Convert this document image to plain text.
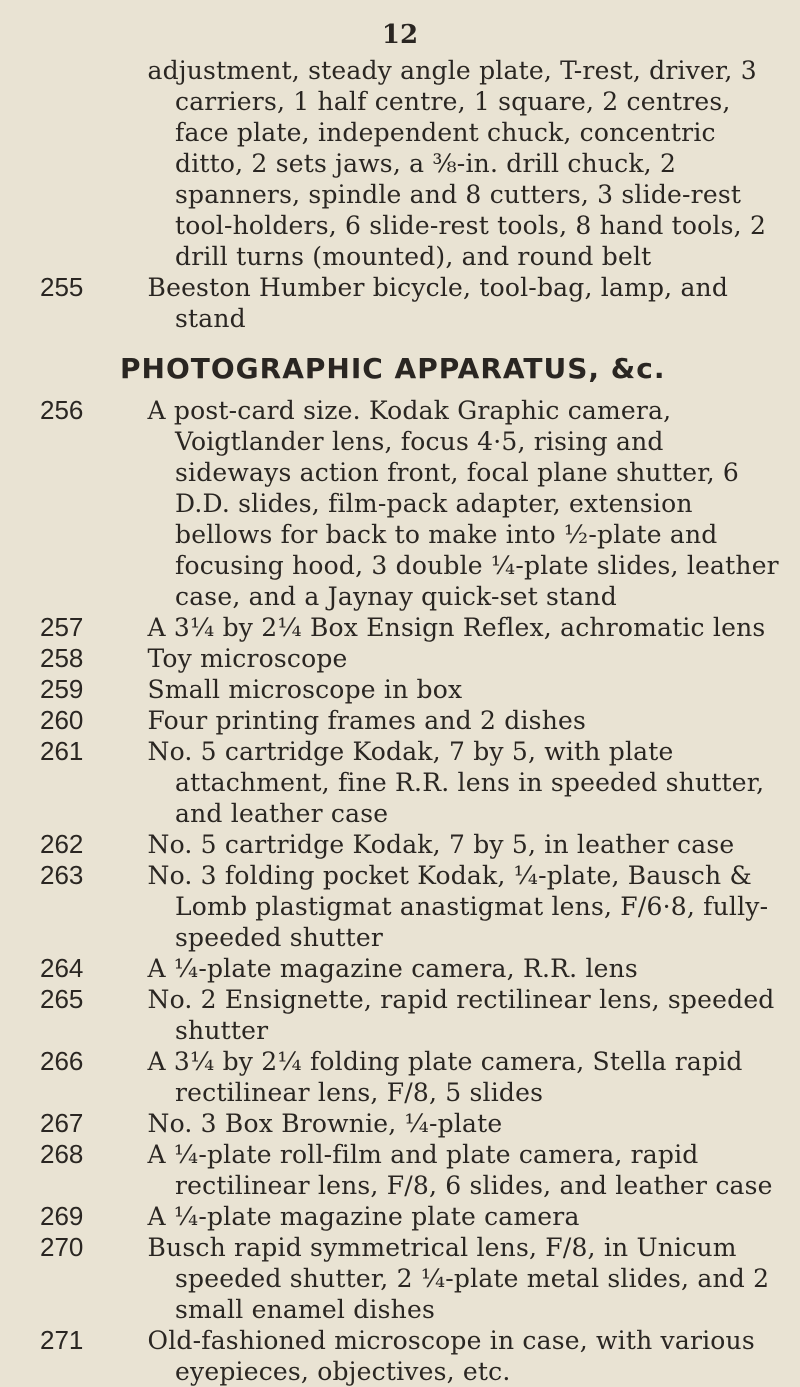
12
adjustment, steady angle plate, T-rest, driver, 3 carriers, 1 half centre, 1 square, 2 centres, face plate, independent chuck, concentric ditto, 2 sets jaws, a ⅜-in. drill chuck, 2 spanners, spindle and 8 cutters, 3 slide-rest tool-holders, 6 slide-rest tools, 8 hand tools, 2 drill turns (mounted), and round belt
255	Beeston Humber bicycle, tool-bag, lamp, and stand
PHOTOGRAPHIC APPARATUS, &c.
256	A post-card size. Kodak Graphic camera, Voigtlander lens, focus 4·5, rising and sideways action front, focal plane shutter, 6 D.D. slides, film-pack adapter, extension bellows for back to make into ½-plate and focusing hood, 3 double ¼-plate slides, leather case, and a Jaynay quick-set stand
257	A 3¼ by 2¼ Box Ensign Reflex, achromatic lens
258	Toy microscope
259	Small microscope in box
260	Four printing frames and 2 dishes
261	No. 5 cartridge Kodak, 7 by 5, with plate attachment, fine R.R. lens in speeded shutter, and leather case
262	No. 5 cartridge Kodak, 7 by 5, in leather case
263	No. 3 folding pocket Kodak, ¼-plate, Bausch & Lomb plastigmat anastigmat lens, F/6·8, fully-speeded shutter
264	A ¼-plate magazine camera, R.R. lens
265	No. 2 Ensignette, rapid rectilinear lens, speeded shutter
266	A 3¼ by 2¼ folding plate camera, Stella rapid rectilinear lens, F/8, 5 slides
267	No. 3 Box Brownie, ¼-plate
268	A ¼-plate roll-film and plate camera, rapid rectilinear lens, F/8, 6 slides, and leather case
269	A ¼-plate magazine plate camera
270	Busch rapid symmetrical lens, F/8, in Unicum speeded shutter, 2 ¼-plate metal slides, and 2 small enamel dishes
271	Old-fashioned microscope in case, with various eyepieces, objectives, etc.
